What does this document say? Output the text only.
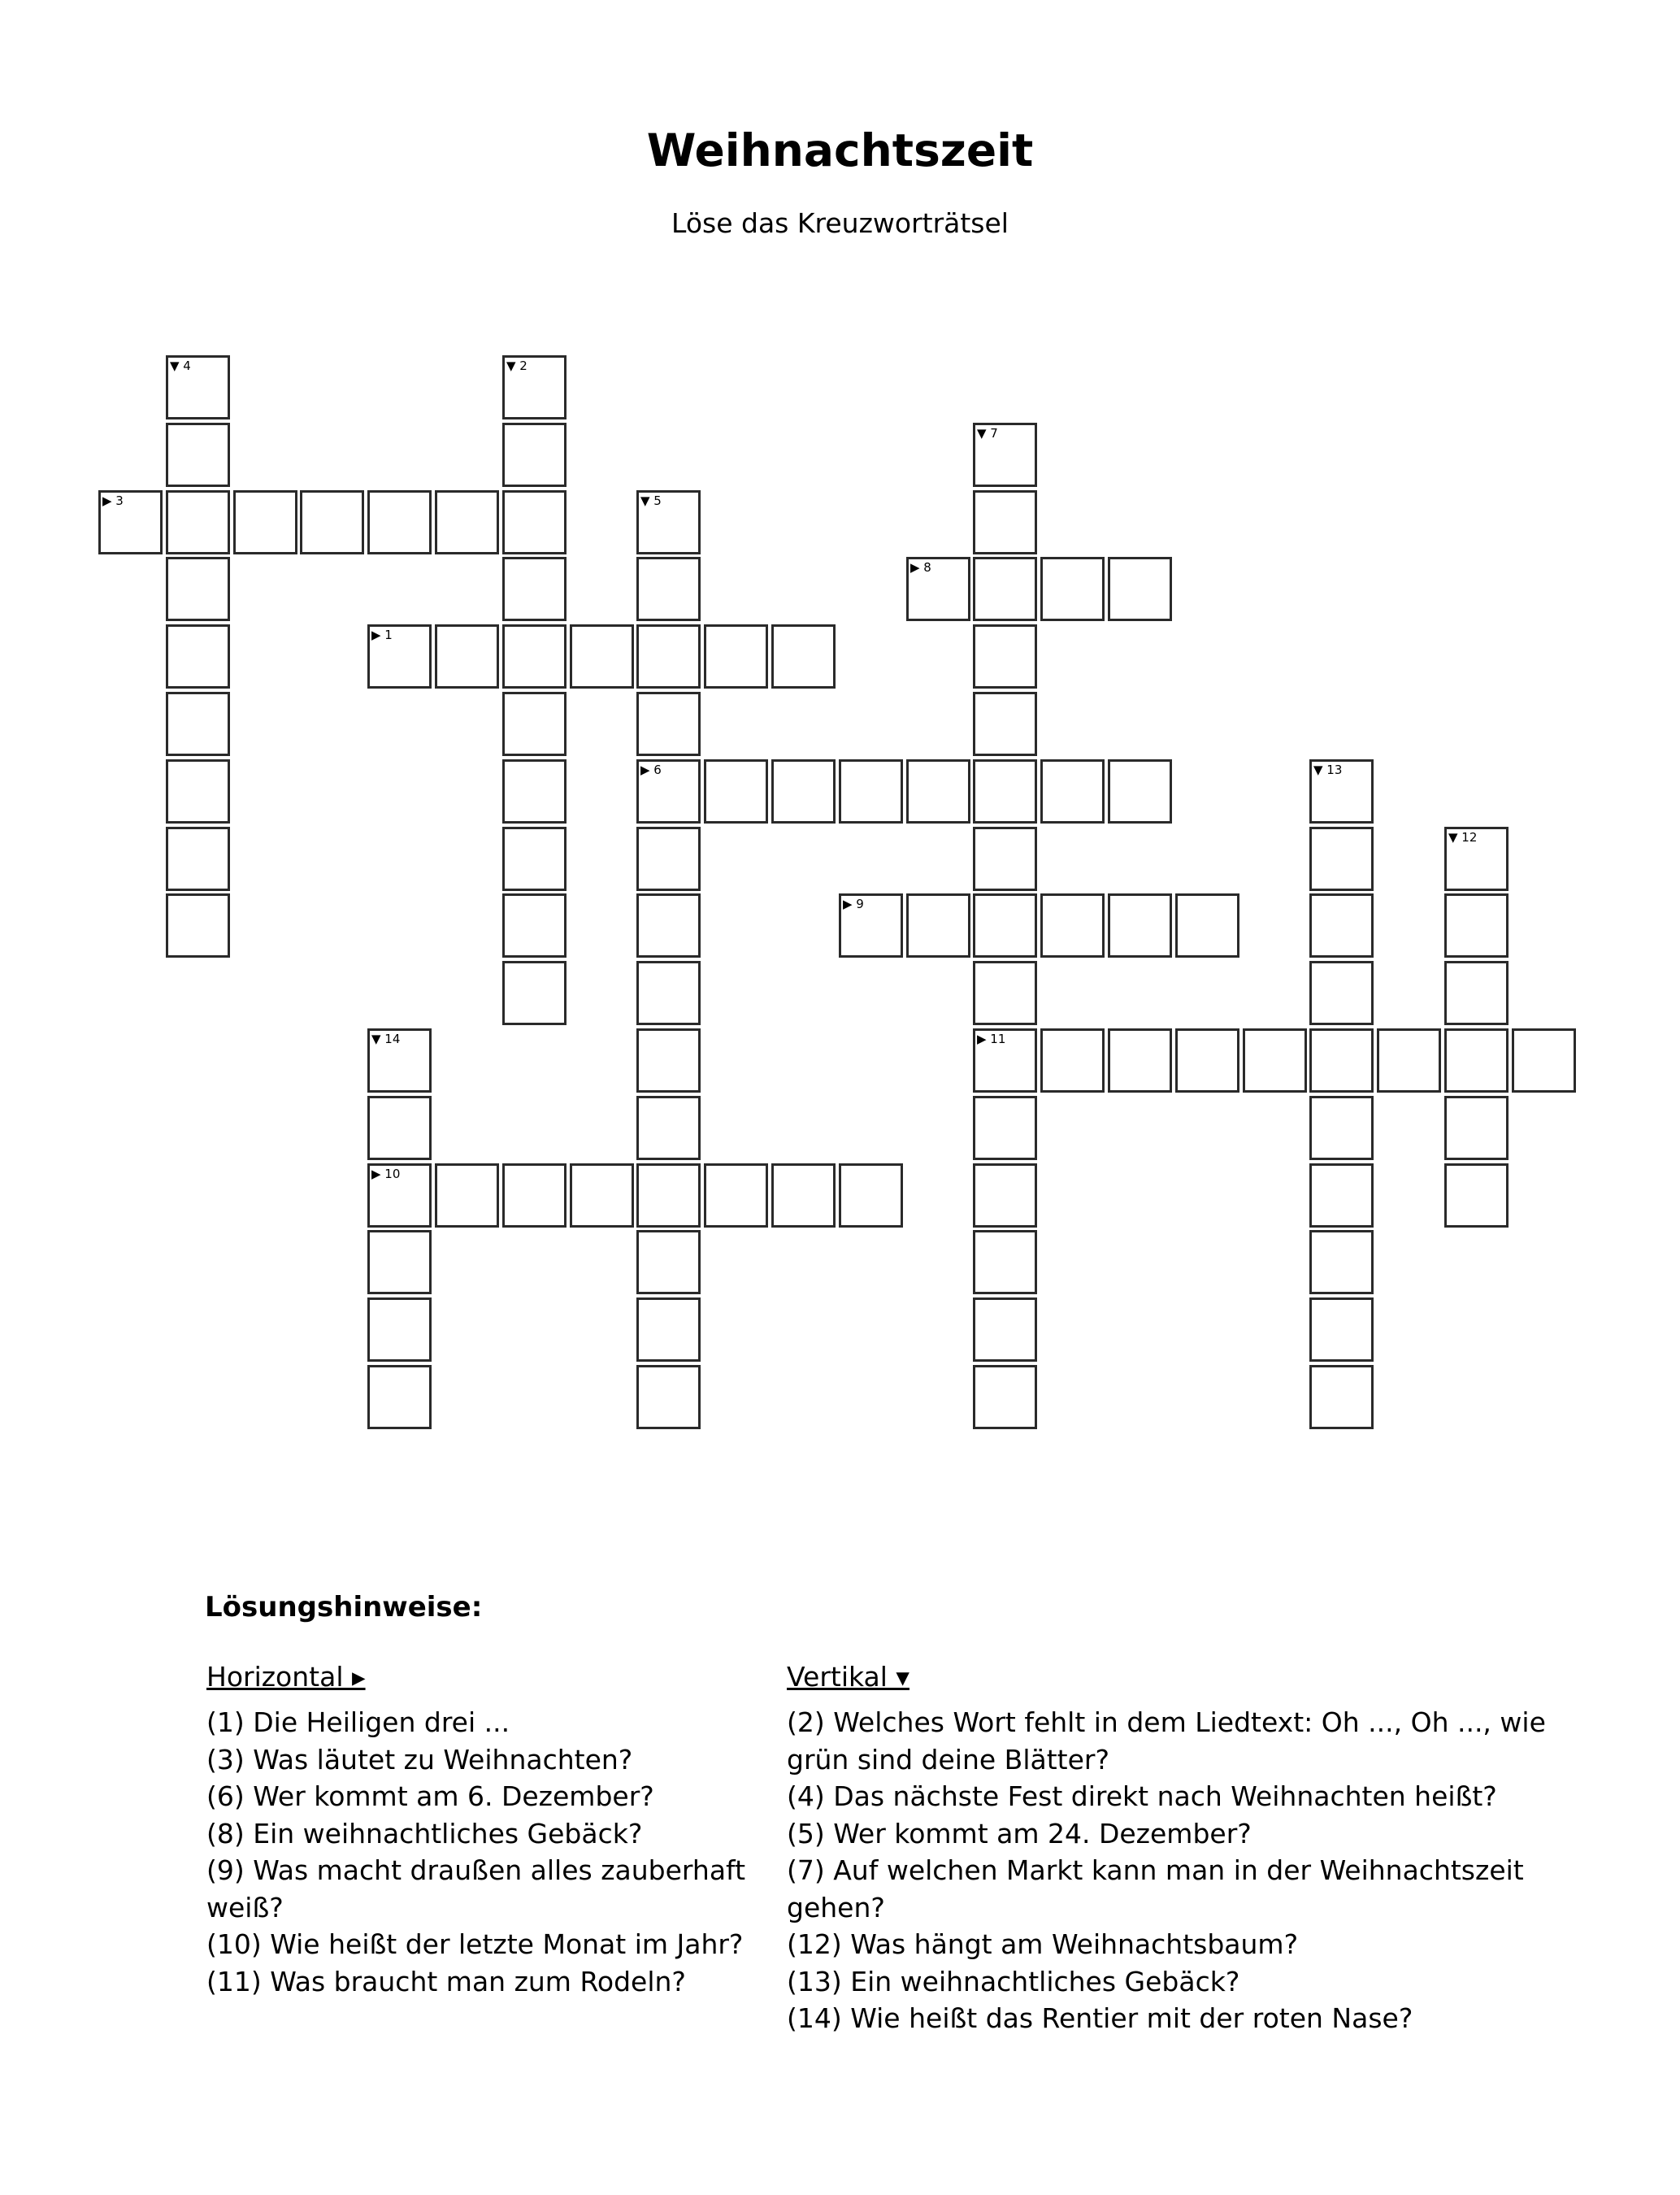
Weihnachtszeit
Löse das Kreuzworträtsel
▶ 1
▼ 2
▶ 3
▼ 4
▼ 5
▶ 6
▼ 7
▶ 11
▶ 8
▶ 9
▶ 10
▼ 12
▼ 13
▼ 14
Lösungshinweise:
Horizontal ▸
(1) Die Heiligen drei ...
(3) Was läutet zu Weihnachten?
(6) Wer kommt am 6. Dezember?
(8) Ein weihnachtliches Gebäck?
(9) Was macht draußen alles zauberhaft weiß?
(10) Wie heißt der letzte Monat im Jahr?
(11) Was braucht man zum Rodeln?
Vertikal ▾
(2) Welches Wort fehlt in dem Liedtext: Oh ..., Oh ..., wie grün sind deine Blätter?
(4) Das nächste Fest direkt nach Weihnachten heißt?
(5) Wer kommt am 24. Dezember?
(7) Auf welchen Markt kann man in der Weihnachtszeit gehen?
(12) Was hängt am Weihnachtsbaum?
(13) Ein weihnachtliches Gebäck?
(14) Wie heißt das Rentier mit der roten Nase?
